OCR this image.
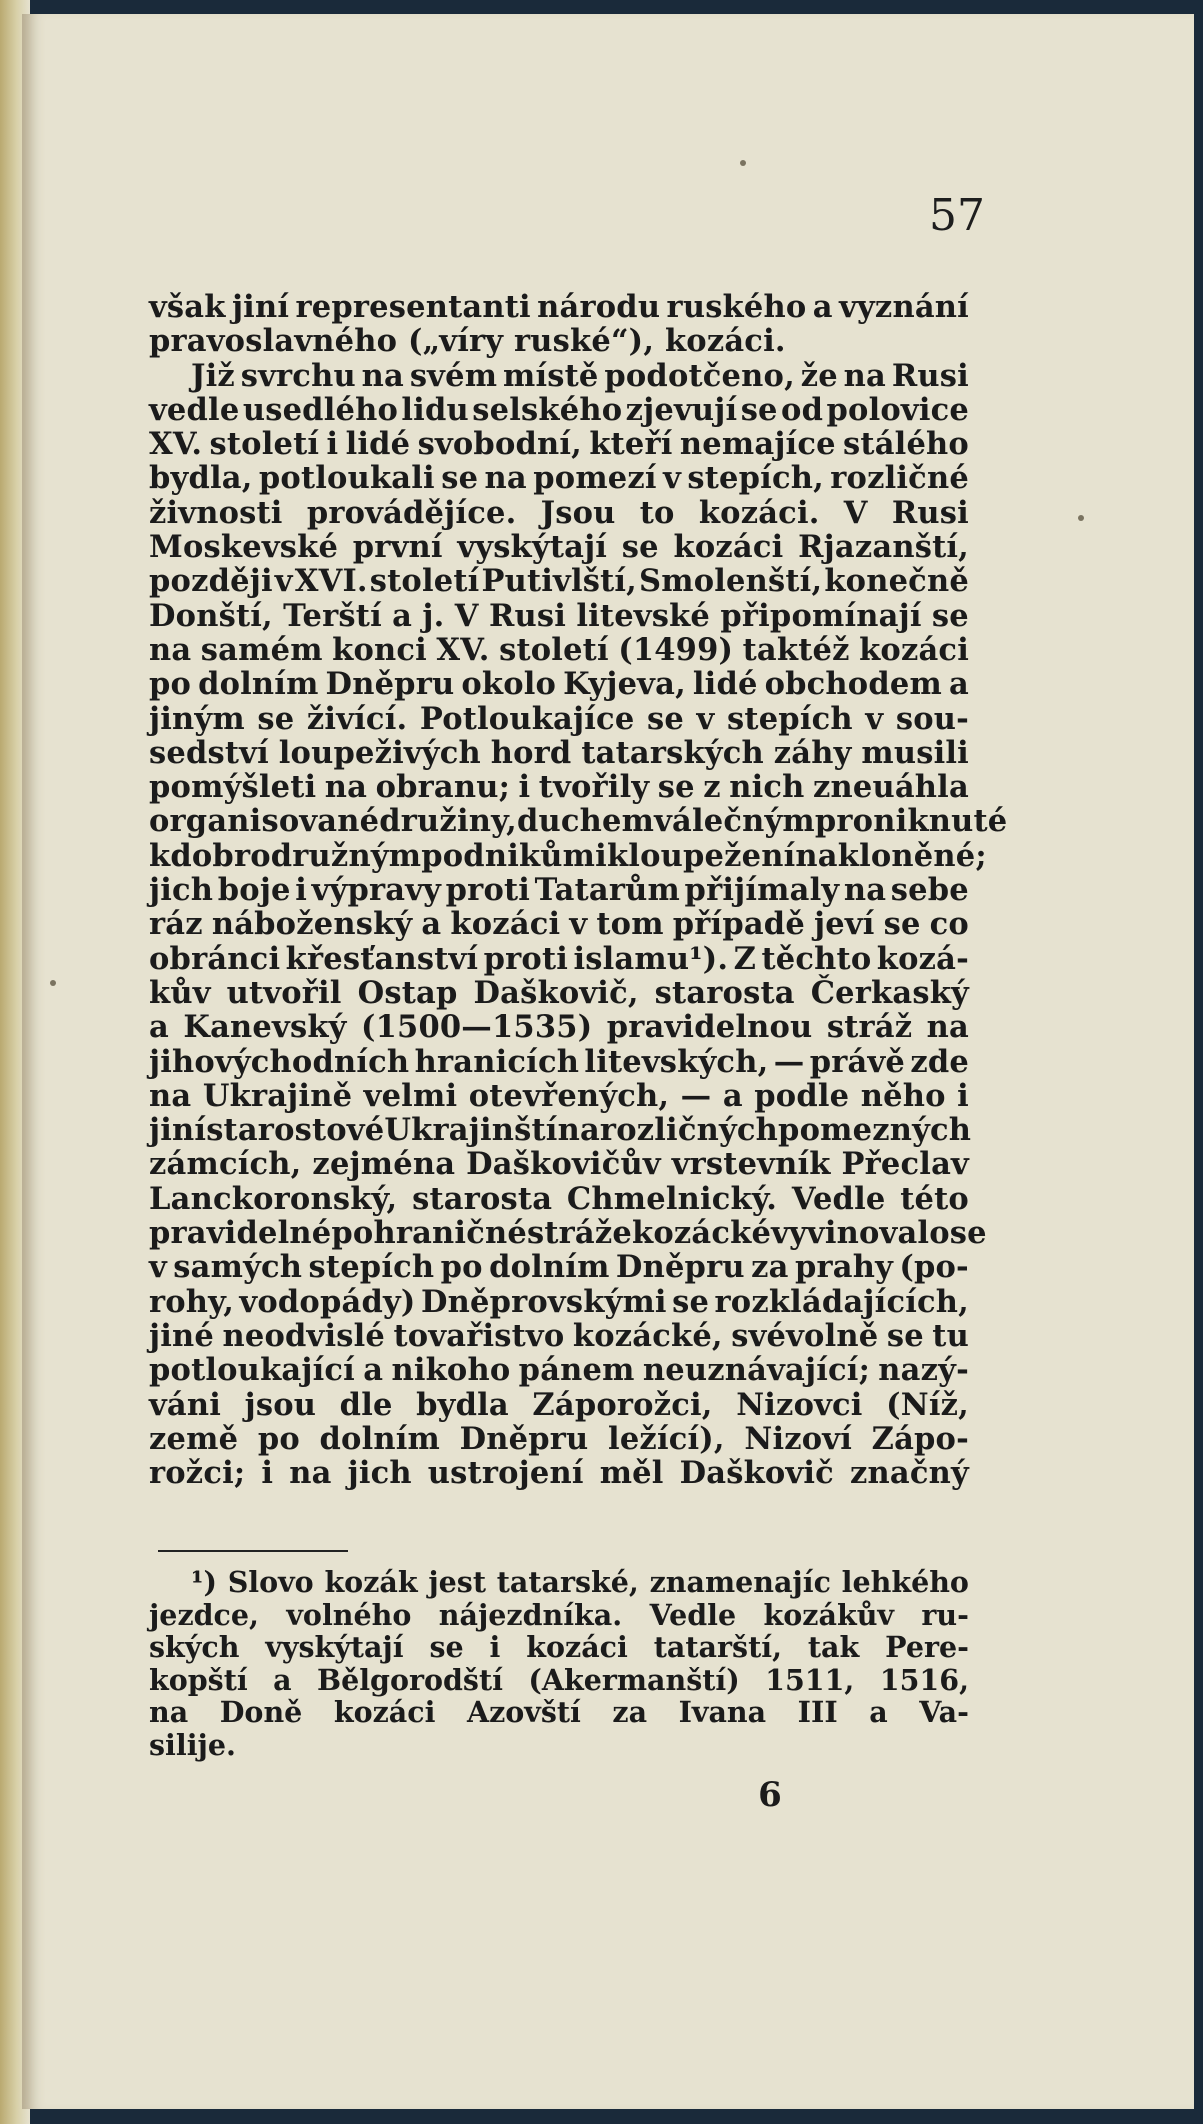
57
však jiní representanti národu ruského a vyznání
pravoslavného („víry ruské“), kozáci.
Již svrchu na svém místě podotčeno, že na Rusi
vedle usedlého lidu selského zjevují se od polovice
XV. století i lidé svobodní, kteří nemajíce stálého
bydla, potloukali se na pomezí v stepích, rozličné
živnosti provádějíce. Jsou to kozáci. V Rusi
Moskevské první vyskýtají se kozáci Rjazanští,
později v XVI. století Putivlští, Smolenští, konečně
Donští, Terští a j. V Rusi litevské připomínají se
na samém konci XV. století (1499) taktéž kozáci
po dolním Dněpru okolo Kyjeva, lidé obchodem a
jiným se živící. Potloukajíce se v stepích v sou-
sedství loupeživých hord tatarských záhy musili
pomýšleti na obranu; i tvořily se z nich zneuáhla
organisované družiny, duchem válečným proniknuté
k dobrodružným podnikům i k loupežení nakloněné;
jich boje i výpravy proti Tatarům přijímaly na sebe
ráz náboženský a kozáci v tom případě jeví se co
obránci křesťanství proti islamu¹). Z těchto kozá-
kův utvořil Ostap Daškovič, starosta Čerkaský
a Kanevský (1500—1535) pravidelnou stráž na
jihovýchodních hranicích litevských, — právě zde
na Ukrajině velmi otevřených, — a podle něho i
jiní starostové Ukrajinští na rozličných pomezných
zámcích, zejména Daškovičův vrstevník Přeclav
Lanckoronský, starosta Chmelnický. Vedle této
pravidelné pohraničné stráže kozácké vyvinovalo se
v samých stepích po dolním Dněpru za prahy (po-
rohy, vodopády) Dněprovskými se rozkládajících,
jiné neodvislé tovařistvo kozácké, svévolně se tu
potloukající a nikoho pánem neuznávající; nazý-
váni jsou dle bydla Záporožci, Nizovci (Níž,
země po dolním Dněpru ležící), Nizoví Zápo-
rožci; i na jich ustrojení měl Daškovič značný
¹) Slovo kozák jest tatarské, znamenajíc lehkého
jezdce, volného nájezdníka. Vedle kozákův ru-
ských vyskýtají se i kozáci tatarští, tak Pere-
kopští a Bělgorodští (Akermanští) 1511, 1516,
na Doně kozáci Azovští za Ivana III a Va-
silije.
6
